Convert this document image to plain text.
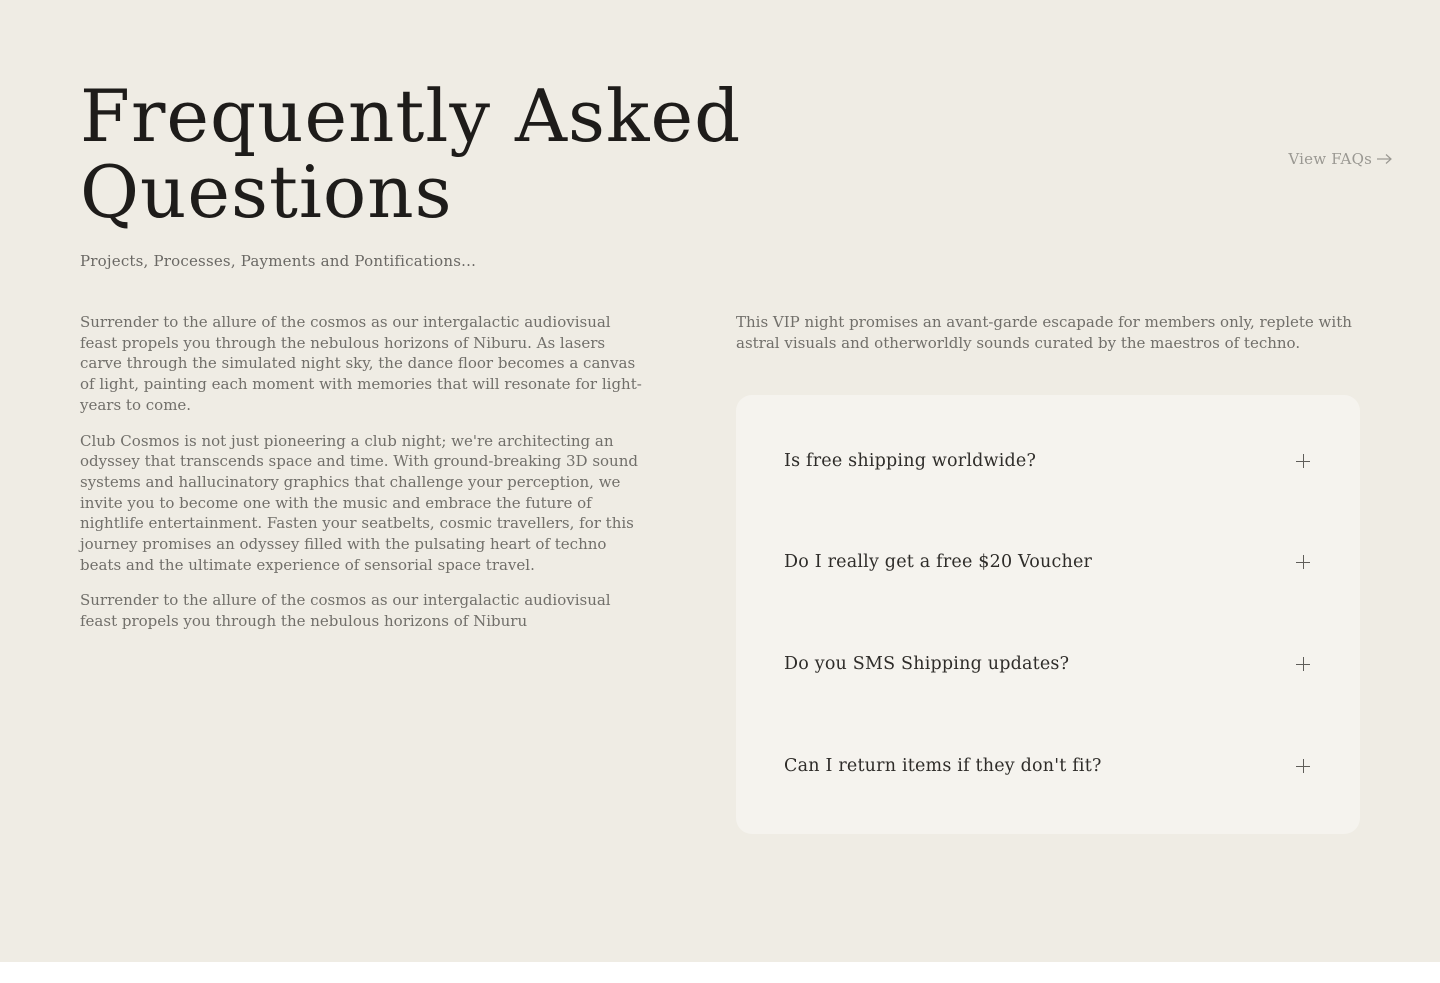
Frequently Asked
Questions

Projects, Processes, Payments and Pontifications...

View FAQs

Surrender to the allure of the cosmos as our intergalactic audiovisual feast propels you through the nebulous horizons of Niburu. As lasers carve through the simulated night sky, the dance floor becomes a canvas of light, painting each moment with memories that will resonate for light-years to come.

Club Cosmos is not just pioneering a club night; we're architecting an odyssey that transcends space and time. With ground-breaking 3D sound systems and hallucinatory graphics that challenge your perception, we invite you to become one with the music and embrace the future of nightlife entertainment. Fasten your seatbelts, cosmic travellers, for this journey promises an odyssey filled with the pulsating heart of techno beats and the ultimate experience of sensorial space travel.

Surrender to the allure of the cosmos as our intergalactic audiovisual feast propels you through the nebulous horizons of Niburu

This VIP night promises an avant-garde escapade for members only, replete with astral visuals and otherworldly sounds curated by the maestros of techno.

Is free shipping worldwide?
Do I really get a free $20 Voucher
Do you SMS Shipping updates?
Can I return items if they don't fit?
